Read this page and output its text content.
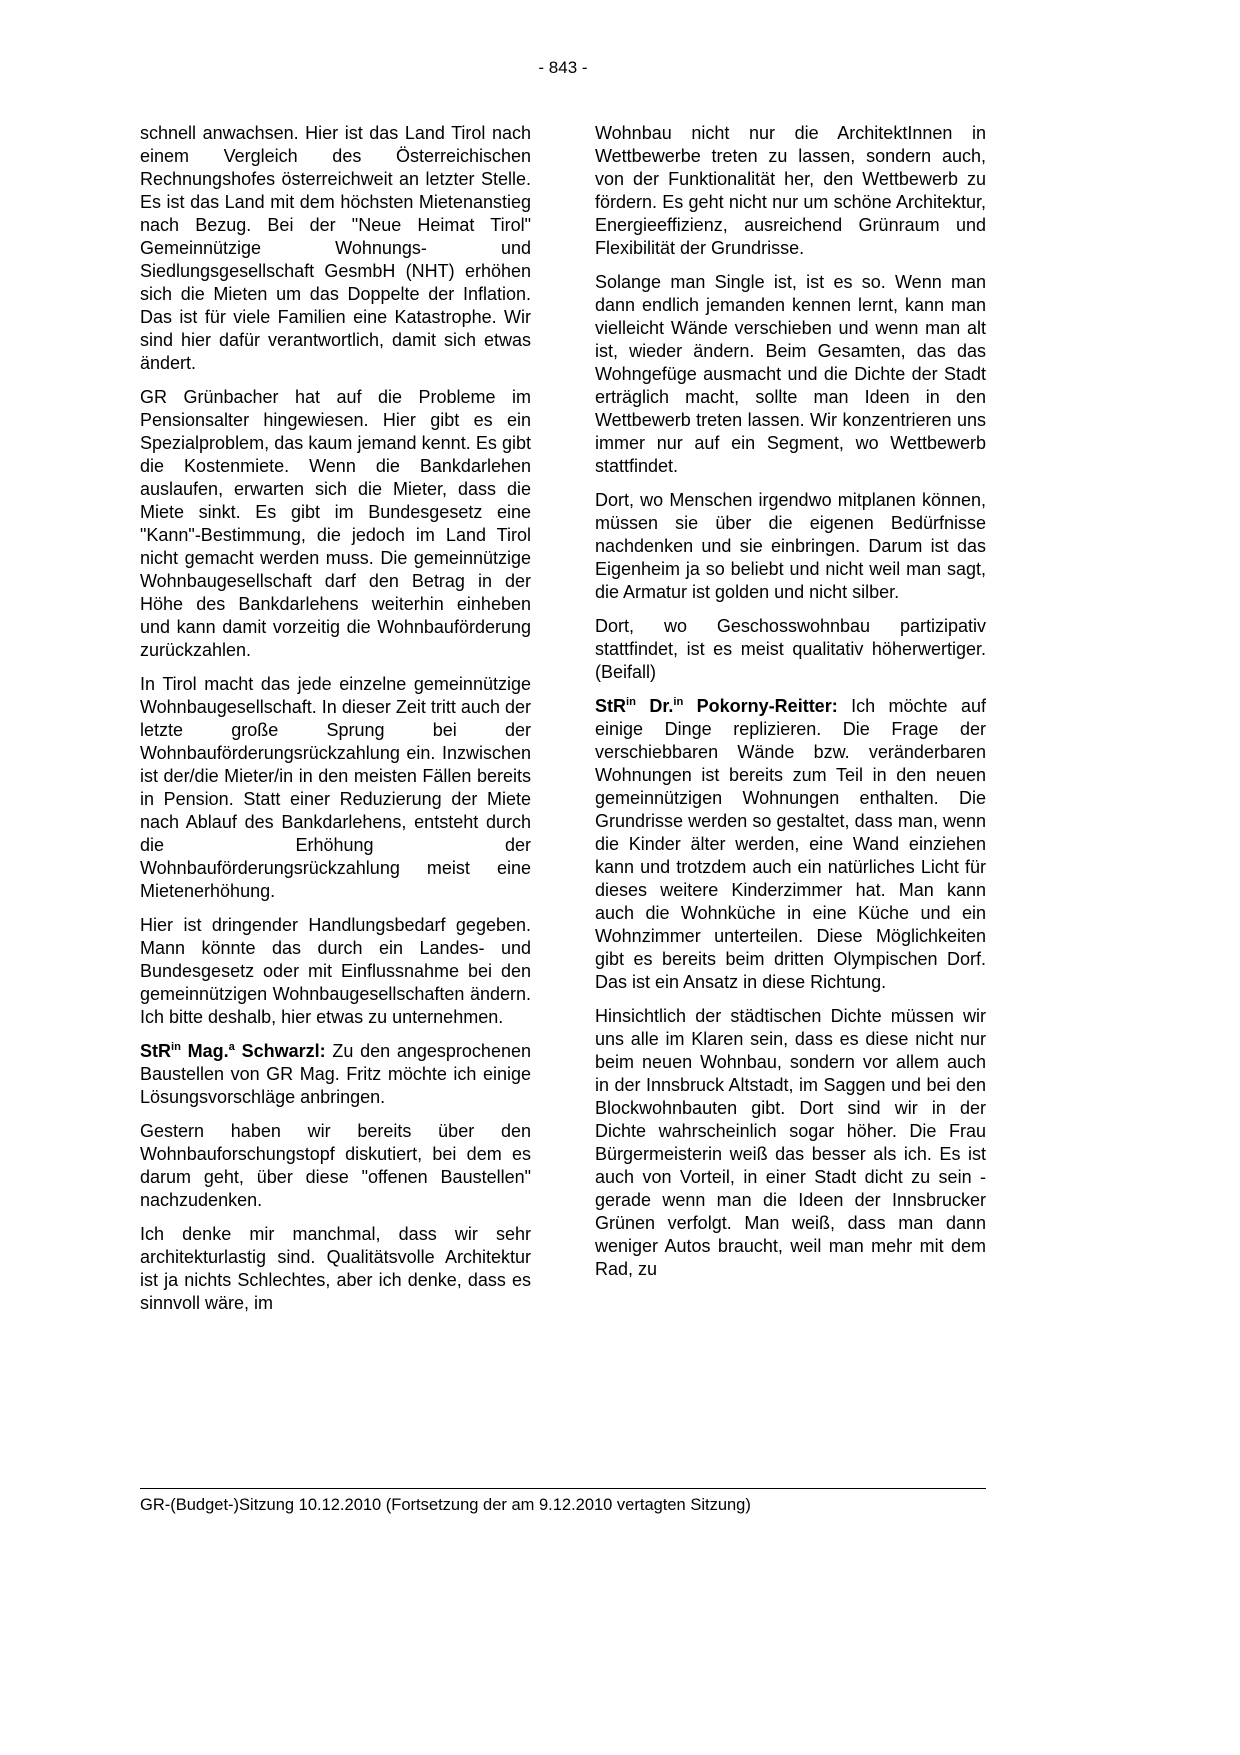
- 843 -

schnell anwachsen. Hier ist das Land Tirol nach einem Vergleich des Österreichischen Rechnungshofes österreichweit an letzter Stelle. Es ist das Land mit dem höchsten Mietenanstieg nach Bezug. Bei der "Neue Heimat Tirol" Gemeinnützige Wohnungs- und Siedlungsgesellschaft GesmbH (NHT) erhöhen sich die Mieten um das Doppelte der Inflation. Das ist für viele Familien eine Katastrophe. Wir sind hier dafür verantwortlich, damit sich etwas ändert.

GR Grünbacher hat auf die Probleme im Pensionsalter hingewiesen. Hier gibt es ein Spezialproblem, das kaum jemand kennt. Es gibt die Kostenmiete. Wenn die Bankdarlehen auslaufen, erwarten sich die Mieter, dass die Miete sinkt. Es gibt im Bundesgesetz eine "Kann"-Bestimmung, die jedoch im Land Tirol nicht gemacht werden muss. Die gemeinnützige Wohnbaugesellschaft darf den Betrag in der Höhe des Bankdarlehens weiterhin einheben und kann damit vorzeitig die Wohnbauförderung zurückzahlen.

In Tirol macht das jede einzelne gemeinnützige Wohnbaugesellschaft. In dieser Zeit tritt auch der letzte große Sprung bei der Wohnbauförderungsrückzahlung ein. Inzwischen ist der/die Mieter/in in den meisten Fällen bereits in Pension. Statt einer Reduzierung der Miete nach Ablauf des Bankdarlehens, entsteht durch die Erhöhung der Wohnbauförderungsrückzahlung meist eine Mietenerhöhung.

Hier ist dringender Handlungsbedarf gegeben. Mann könnte das durch ein Landes- und Bundesgesetz oder mit Einflussnahme bei den gemeinnützigen Wohnbaugesellschaften ändern. Ich bitte deshalb, hier etwas zu unternehmen.

StR$^{in}$ Mag.$^a$ Schwarzl: Zu den angesprochenen Baustellen von GR Mag. Fritz möchte ich einige Lösungsvorschläge anbringen.

Gestern haben wir bereits über den Wohnbauforschungstopf diskutiert, bei dem es darum geht, über diese "offenen Baustellen" nachzudenken.

Ich denke mir manchmal, dass wir sehr architekturlastig sind. Qualitätsvolle Architektur ist ja nichts Schlechtes, aber ich denke, dass es sinnvoll wäre, im

Wohnbau nicht nur die ArchitektInnen in Wettbewerbe treten zu lassen, sondern auch, von der Funktionalität her, den Wettbewerb zu fördern. Es geht nicht nur um schöne Architektur, Energieeffizienz, ausreichend Grünraum und Flexibilität der Grundrisse.

Solange man Single ist, ist es so. Wenn man dann endlich jemanden kennen lernt, kann man vielleicht Wände verschieben und wenn man alt ist, wieder ändern. Beim Gesamten, das das Wohngefüge ausmacht und die Dichte der Stadt erträglich macht, sollte man Ideen in den Wettbewerb treten lassen. Wir konzentrieren uns immer nur auf ein Segment, wo Wettbewerb stattfindet.

Dort, wo Menschen irgendwo mitplanen können, müssen sie über die eigenen Bedürfnisse nachdenken und sie einbringen. Darum ist das Eigenheim ja so beliebt und nicht weil man sagt, die Armatur ist golden und nicht silber.

Dort, wo Geschosswohnbau partizipativ stattfindet, ist es meist qualitativ höherwertiger. (Beifall)

StR$^{in}$ Dr.$^{in}$ Pokorny-Reitter: Ich möchte auf einige Dinge replizieren. Die Frage der verschiebbaren Wände bzw. veränderbaren Wohnungen ist bereits zum Teil in den neuen gemeinnützigen Wohnungen enthalten. Die Grundrisse werden so gestaltet, dass man, wenn die Kinder älter werden, eine Wand einziehen kann und trotzdem auch ein natürliches Licht für dieses weitere Kinderzimmer hat. Man kann auch die Wohnküche in eine Küche und ein Wohnzimmer unterteilen. Diese Möglichkeiten gibt es bereits beim dritten Olympischen Dorf. Das ist ein Ansatz in diese Richtung.

Hinsichtlich der städtischen Dichte müssen wir uns alle im Klaren sein, dass es diese nicht nur beim neuen Wohnbau, sondern vor allem auch in der Innsbruck Altstadt, im Saggen und bei den Blockwohnbauten gibt. Dort sind wir in der Dichte wahrscheinlich sogar höher. Die Frau Bürgermeisterin weiß das besser als ich. Es ist auch von Vorteil, in einer Stadt dicht zu sein - gerade wenn man die Ideen der Innsbrucker Grünen verfolgt. Man weiß, dass man dann weniger Autos braucht, weil man mehr mit dem Rad, zu

GR-(Budget-)Sitzung 10.12.2010 (Fortsetzung der am 9.12.2010 vertagten Sitzung)
